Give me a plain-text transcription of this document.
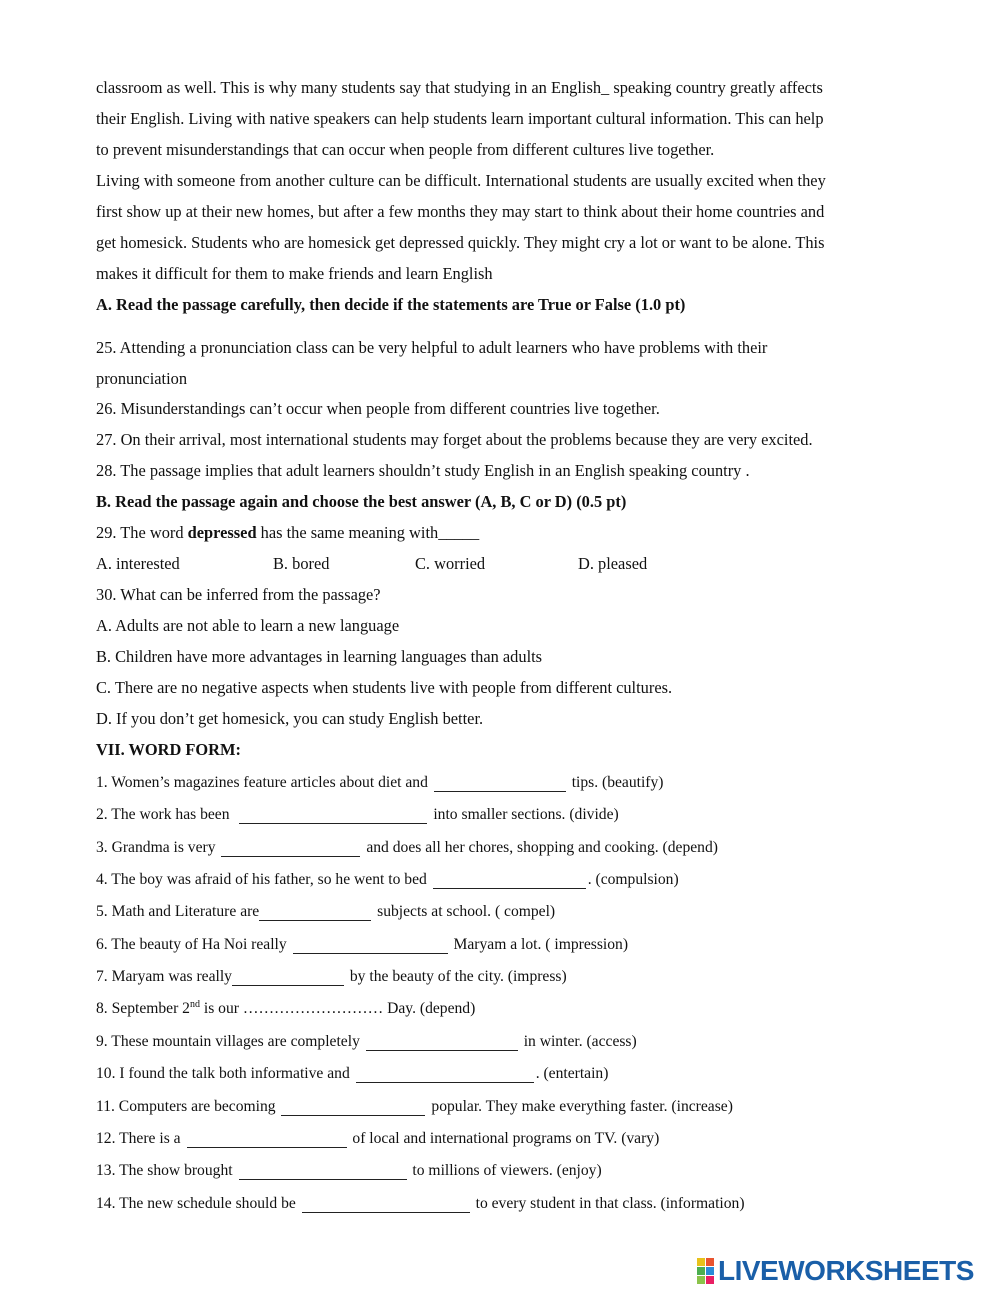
classroom as well. This is why many students say that studying in an English_ speaking country greatly affects
their English. Living with native speakers can help students learn important cultural information. This can help
to prevent misunderstandings that can occur when people from different cultures live together.
Living with someone from another culture can be difficult. International students are usually excited when they
first show up at their new homes, but after a few months they may start to think about their home countries and
get homesick. Students who are homesick get depressed quickly. They might cry a lot or want to be alone. This
makes it difficult for them to make friends and learn English
A. Read the passage carefully, then decide if the statements are True or False (1.0 pt)
25. Attending a pronunciation class can be very helpful to adult learners who have problems with their
pronunciation
26. Misunderstandings can’t occur when people from different countries live together.
27. On their arrival, most international students may forget about the problems because they are very excited.
28. The passage implies that adult learners shouldn’t study English in an English speaking country .
B. Read the passage again and choose the best answer (A, B, C or D) (0.5 pt)
29. The word depressed has the same meaning with_____
A. interested	B. bored	C. worried	D. pleased
30. What can be inferred from the passage?
A. Adults are not able to learn a new language
B. Children have more advantages in learning languages than adults
C. There are no negative aspects when students live with people from different cultures.
D. If you don’t get homesick, you can study English better.
VII. WORD FORM:
1. Women’s magazines feature articles about diet and	tips. (beautify)
2. The work has been	into smaller sections. (divide)
3. Grandma is very	and does all her chores, shopping and cooking. (depend)
4. The boy was afraid of his father, so he went to bed	. (compulsion)
5. Math and Literature are	subjects at school. ( compel)
6. The beauty of Ha Noi really	Maryam a lot. ( impression)
7. Maryam was really	by the beauty of the city. (impress)
8. September 2nd is our ……………………… Day. (depend)
9. These mountain villages are completely	in winter. (access)
10. I found the talk both informative and	. (entertain)
11. Computers are becoming	popular. They make everything faster. (increase)
12. There is a	of local and international programs on TV. (vary)
13. The show brought	to millions of viewers. (enjoy)
14. The new schedule should be	to every student in that class. (information)
LIVEWORKSHEETS
